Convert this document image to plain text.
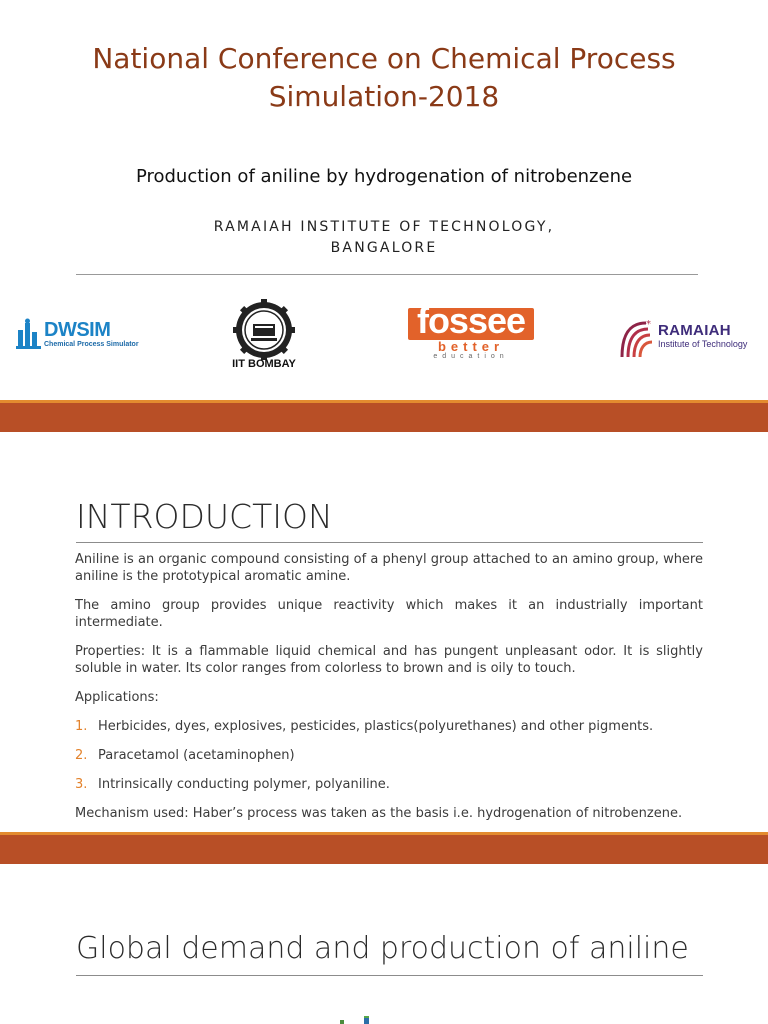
National Conference on Chemical Process
Simulation-2018
Production of aniline by hydrogenation of nitrobenzene
RAMAIAH INSTITUTE OF TECHNOLOGY,
BANGALORE
DWSIM
Chemical Process Simulator
IIT BOMBAY
fossee
better
education
* RAMAIAH
Institute of Technology
INTRODUCTION

Aniline is an organic compound consisting of a phenyl group attached to an amino group, where aniline is the prototypical aromatic amine.

The amino group provides unique reactivity which makes it an industrially important intermediate.

Properties: It is a flammable liquid chemical and has pungent unpleasant odor. It is slightly soluble in water. Its color ranges from colorless to brown and is oily to touch.

Applications:

1. Herbicides, dyes, explosives, pesticides, plastics(polyurethanes) and other pigments.
2. Paracetamol (acetaminophen)
3. Intrinsically conducting polymer, polyaniline.

Mechanism used: Haber’s process was taken as the basis i.e. hydrogenation of nitrobenzene.

Global demand and production of aniline
